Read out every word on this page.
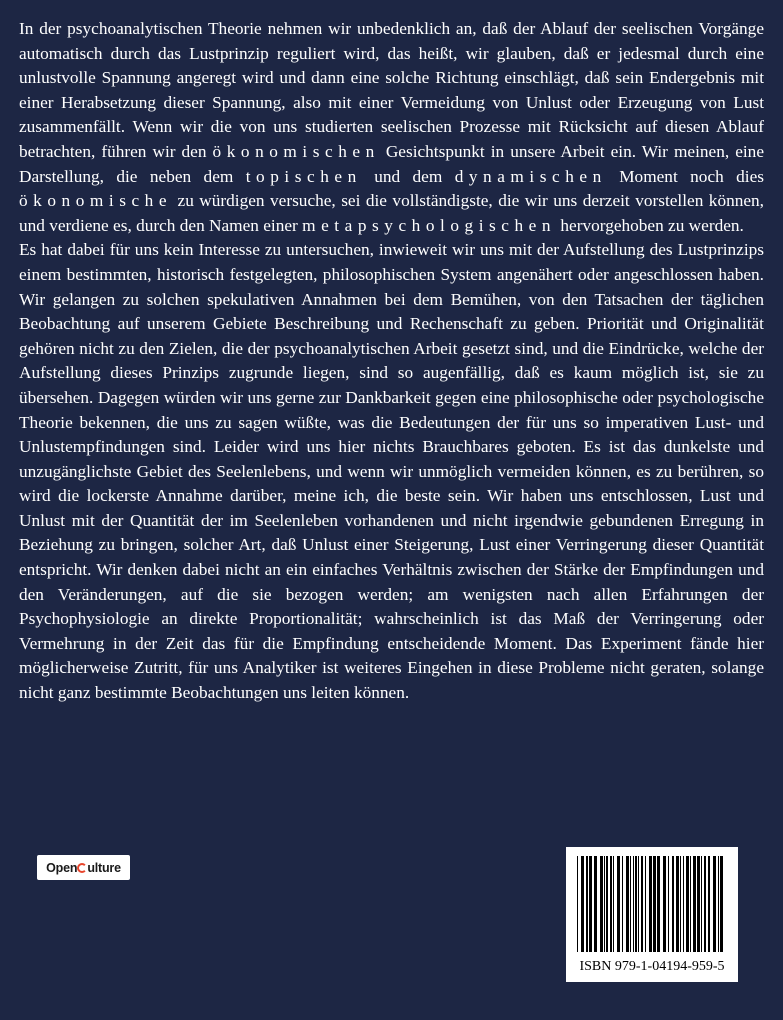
In der psychoanalytischen Theorie nehmen wir unbedenklich an, daß der Ablauf der seelischen Vorgänge automatisch durch das Lustprinzip reguliert wird, das heißt, wir glauben, daß er jedesmal durch eine unlustvolle Spannung angeregt wird und dann eine solche Richtung einschlägt, daß sein Endergebnis mit einer Herabsetzung dieser Spannung, also mit einer Vermeidung von Unlust oder Erzeugung von Lust zusammenfällt. Wenn wir die von uns studierten seelischen Prozesse mit Rücksicht auf diesen Ablauf betrachten, führen wir den ökonomischen Gesichtspunkt in unsere Arbeit ein. Wir meinen, eine Darstellung, die neben dem topischen und dem dynamischen Moment noch dies ökonomische zu würdigen versuche, sei die vollständigste, die wir uns derzeit vorstellen können, und verdiene es, durch den Namen einer metapsychologischen hervorgehoben zu werden.

Es hat dabei für uns kein Interesse zu untersuchen, inwieweit wir uns mit der Aufstellung des Lustprinzips einem bestimmten, historisch festgelegten, philosophischen System angenähert oder angeschlossen haben. Wir gelangen zu solchen spekulativen Annahmen bei dem Bemühen, von den Tatsachen der täglichen Beobachtung auf unserem Gebiete Beschreibung und Rechenschaft zu geben. Priorität und Originalität gehören nicht zu den Zielen, die der psychoanalytischen Arbeit gesetzt sind, und die Eindrücke, welche der Aufstellung dieses Prinzips zugrunde liegen, sind so augenfällig, daß es kaum möglich ist, sie zu übersehen. Dagegen würden wir uns gerne zur Dankbarkeit gegen eine philosophische oder psychologische Theorie bekennen, die uns zu sagen wüßte, was die Bedeutungen der für uns so imperativen Lust- und Unlustempfindungen sind. Leider wird uns hier nichts Brauchbares geboten. Es ist das dunkelste und unzugänglichste Gebiet des Seelenlebens, und wenn wir unmöglich vermeiden können, es zu berühren, so wird die lockerste Annahme darüber, meine ich, die beste sein. Wir haben uns entschlossen, Lust und Unlust mit der Quantität der im Seelenleben vorhandenen und nicht irgendwie gebundenen Erregung in Beziehung zu bringen, solcher Art, daß Unlust einer Steigerung, Lust einer Verringerung dieser Quantität entspricht. Wir denken dabei nicht an ein einfaches Verhältnis zwischen der Stärke der Empfindungen und den Veränderungen, auf die sie bezogen werden; am wenigsten nach allen Erfahrungen der Psychophysiologie an direkte Proportionalität; wahrscheinlich ist das Maß der Verringerung oder Vermehrung in der Zeit das für die Empfindung entscheidende Moment. Das Experiment fände hier möglicherweise Zutritt, für uns Analytiker ist weiteres Eingehen in diese Probleme nicht geraten, solange nicht ganz bestimmte Beobachtungen uns leiten können.

Open ulture
ISBN 979-1-04194-959-5
